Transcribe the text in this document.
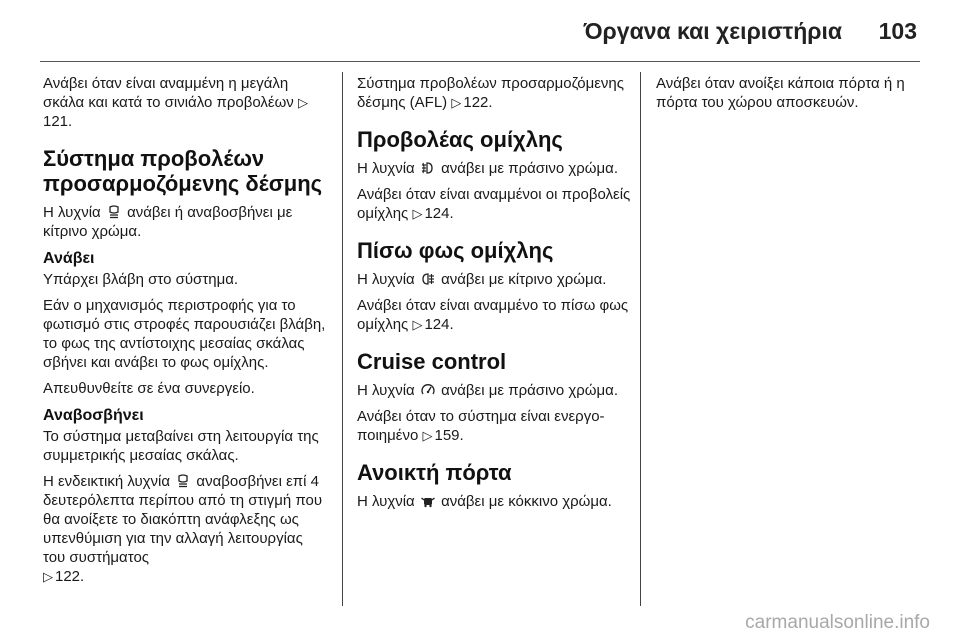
Όργανα και χειριστήρια 103

Ανάβει όταν είναι αναμμένη η μεγάλη σκάλα και κατά το σινιάλο προβολέων ▷121.

Σύστημα προβολέων προσαρμοζόμενης δέσμης

Η λυχνία ανάβει ή αναβοσβήνει με κίτρινο χρώμα.

Ανάβει

Υπάρχει βλάβη στο σύστημα.

Εάν ο μηχανισμός περιστροφής για το φωτισμό στις στροφές παρουσιάζει βλάβη, το φως της αντίστοιχης μεσαίας σκάλας σβήνει και ανάβει το φως ομίχλης.

Απευθυνθείτε σε ένα συνεργείο.

Αναβοσβήνει

Το σύστημα μεταβαίνει στη λειτουργία της συμμετρικής μεσαίας σκάλας.

Η ενδεικτική λυχνία αναβοσβήνει επί 4 δευτερόλεπτα περίπου από τη στιγμή που θα ανοίξετε το διακόπτη ανάφλεξης ως υπενθύμιση για την αλλαγή λειτουργίας του συστήματος
▷ 122.

Σύστημα προβολέων προσαρμοζόμενης δέσμης (AFL) ▷ 122.

Προβολέας ομίχλης

Η λυχνία ανάβει με πράσινο χρώμα.

Ανάβει όταν είναι αναμμένοι οι προβολείς ομίχλης ▷ 124.

Πίσω φως ομίχλης

Η λυχνία ανάβει με κίτρινο χρώμα.

Ανάβει όταν είναι αναμμένο το πίσω φως ομίχλης ▷ 124.

Cruise control

Η λυχνία ανάβει με πράσινο χρώμα.

Ανάβει όταν το σύστημα είναι ενεργοποιημένο ▷ 159.

Ανοικτή πόρτα

Η λυχνία ανάβει με κόκκινο χρώμα.

Ανάβει όταν ανοίξει κάποια πόρτα ή η πόρτα του χώρου αποσκευών.

carmanualsonline.info
